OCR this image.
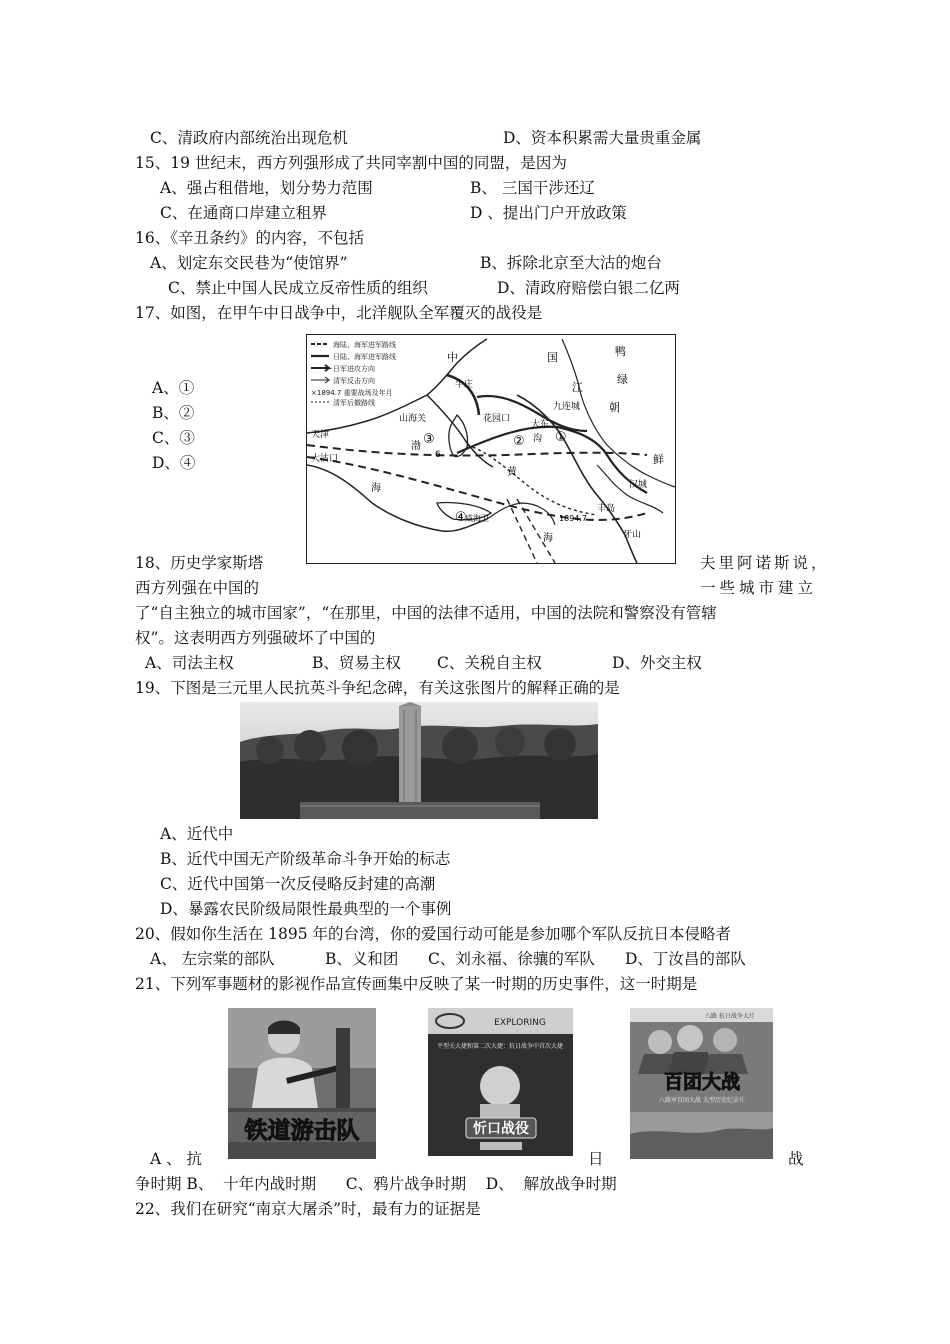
C、清政府内部统治出现危机	D、资本积累需大量贵重金属
15、19 世纪末，西方列强形成了共同宰割中国的同盟，是因为
A、强占租借地，划分势力范围	B、 三国干涉还辽
C、在通商口岸建立租界	D 、提出门户开放政策
16、《辛丑条约》的内容，不包括
A、划定东交民巷为“使馆界”	B、拆除北京至大沽的炮台
C、禁止中国人民成立反帝性质的组织	D、清政府赔偿白银二亿两
17、如图，在甲午中日战争中，北洋舰队全军覆灭的战役是
A、①
B、②
C、③
D、④
海陆、海军进军路线
日陆、海军进军路线
日军进攻方向
清军反击方向
×1894.7 重要战场及年月
清军后撤路线
中	国	鸭
绿
江
朝
鲜
牛庄
九连城
山海关	花园口
大东
沟
天津
大沽口
渤
海
黄
海
汉城
丰岛
1894.7
牙山
威海卫
6
①
②
③
④
18、历史学家斯塔	夫里阿诺斯说，
西方列强在中国的	一些城市建立
了“自主独立的城市国家”，“在那里，中国的法律不适用，中国的法院和警察没有管辖
权”。这表明西方列强破坏了中国的
A、司法主权	B、贸易主权 C、关税自主权	D、外交主权
19、下图是三元里人民抗英斗争纪念碑，有关这张图片的解释正确的是
A、近代中
B、近代中国无产阶级革命斗争开始的标志
C、近代中国第一次反侵略反封建的高潮
D、暴露农民阶级局限性最典型的一个事例
20、假如你生活在 1895 年的台湾，你的爱国行动可能是参加哪个军队反抗日本侵略者
A、 左宗棠的部队	B、义和团 C、刘永福、徐骧的军队 D、丁汝昌的部队
21、下列军事题材的影视作品宣传画集中反映了某一时期的历史事件，这一时期是
铁道游击队
EXPLORING
平型关大捷和第二次大捷：抗日战争中首次大捷
忻口战役
八路 抗日战争大片
百团大战
八路军百团大战 大型历史纪录片
A 、 抗	日	战
争时期 B、  十年内战时期      C、鸦片战争时期    D、  解放战争时期
22、我们在研究“南京大屠杀”时，最有力的证据是
